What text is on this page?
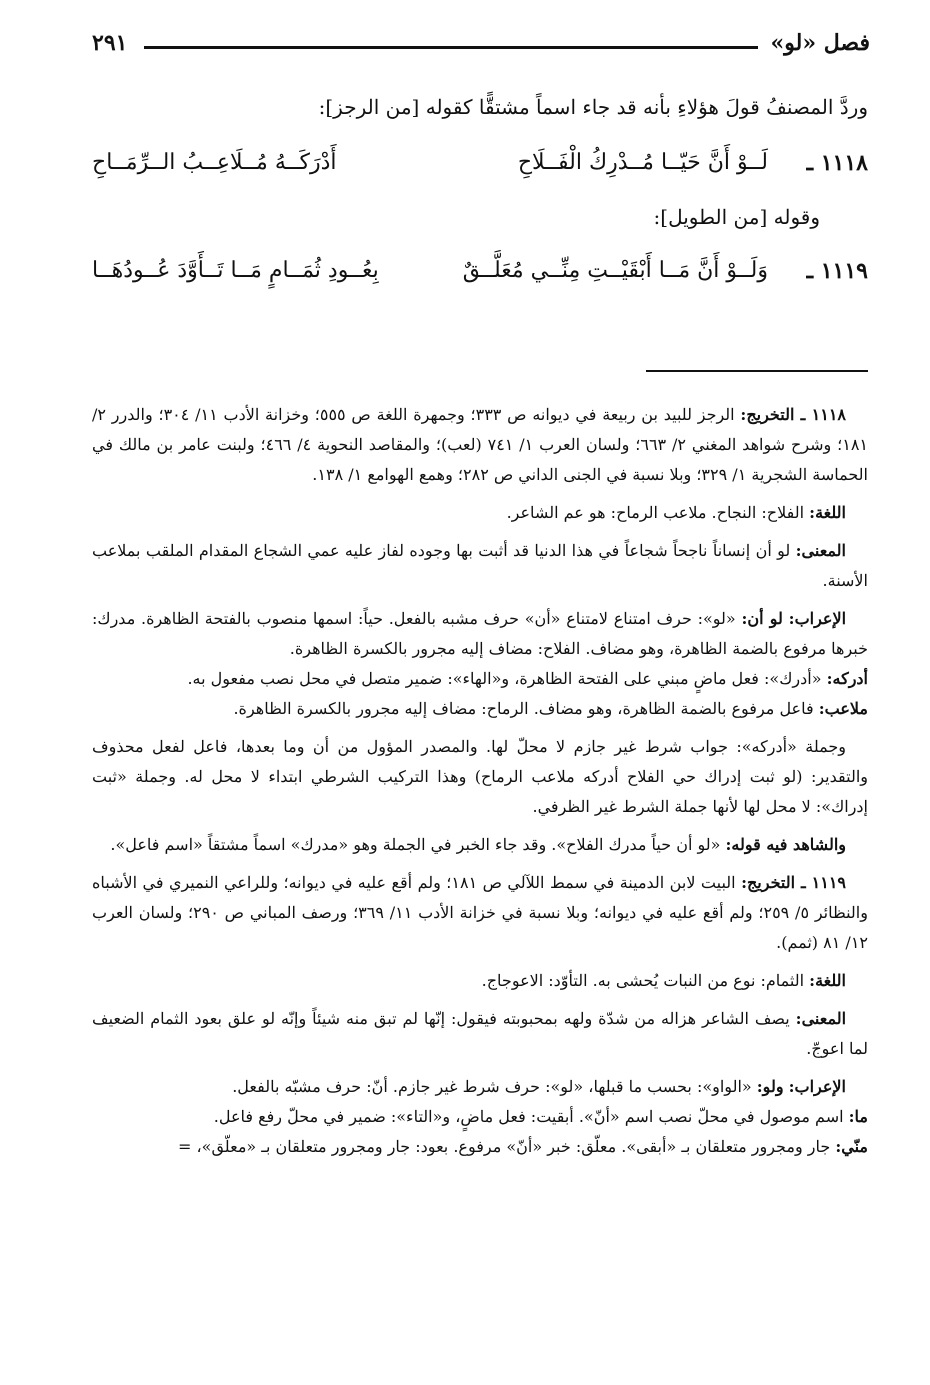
فصل «لو»
٢٩١
وردَّ المصنفُ قولَ هؤلاءِ بأنه قد جاء اسماً مشتقًّا كقوله [من الرجز]:
١١١٨ ـ
لَــوْ أَنَّ حَيّــا مُــدْرِكُ الْفَــلَاحِ
أَدْرَكَــهُ مُــلَاعِــبُ الــرِّمَــاحِ
وقوله [من الطويل]:
١١١٩ ـ
وَلَــوْ أَنَّ مَــا أَبْقَيْــتِ مِنِّــي مُعَلَّــقٌ
بِعُــودِ ثُمَــامٍ مَــا تَــأَوَّدَ عُــودُهَــا

١١١٨ ـ التخريج: الرجز للبيد بن ربيعة في ديوانه ص ٣٣٣؛ وجمهرة اللغة ص ٥٥٥؛ وخزانة الأدب ١١/ ٣٠٤؛ والدرر ٢/ ١٨١؛ وشرح شواهد المغني ٢/ ٦٦٣؛ ولسان العرب ١/ ٧٤١ (لعب)؛ والمقاصد النحوية ٤/ ٤٦٦؛ ولبنت عامر بن مالك في الحماسة الشجرية ١/ ٣٢٩؛ وبلا نسبة في الجنى الداني ص ٢٨٢؛ وهمع الهوامع ١/ ١٣٨.

اللغة: الفلاح: النجاح. ملاعب الرماح: هو عم الشاعر.

المعنى: لو أن إنساناً ناجحاً شجاعاً في هذا الدنيا قد أثبت بها وجوده لفاز عليه عمي الشجاع المقدام الملقب بملاعب الأسنة.

الإعراب: لو أن: «لو»: حرف امتناع لامتناع «أن» حرف مشبه بالفعل. حياً: اسمها منصوب بالفتحة الظاهرة. مدرك: خبرها مرفوع بالضمة الظاهرة، وهو مضاف. الفلاح: مضاف إليه مجرور بالكسرة الظاهرة.
أدركه: «أدرك»: فعل ماضٍ مبني على الفتحة الظاهرة، و«الهاء»: ضمير متصل في محل نصب مفعول به.
ملاعب: فاعل مرفوع بالضمة الظاهرة، وهو مضاف. الرماح: مضاف إليه مجرور بالكسرة الظاهرة.

وجملة «أدركه»: جواب شرط غير جازم لا محلّ لها. والمصدر المؤول من أن وما بعدها، فاعل لفعل محذوف والتقدير: (لو ثبت إدراك حي الفلاح أدركه ملاعب الرماح) وهذا التركيب الشرطي ابتداء لا محل له. وجملة «ثبت إدراك»: لا محل لها لأنها جملة الشرط غير الظرفي.

والشاهد فيه قوله: «لو أن حياً مدرك الفلاح». وقد جاء الخبر في الجملة وهو «مدرك» اسماً مشتقاً «اسم فاعل».

١١١٩ ـ التخريج: البيت لابن الدمينة في سمط اللآلي ص ١٨١؛ ولم أقع عليه في ديوانه؛ وللراعي النميري في الأشباه والنظائر ٥/ ٢٥٩؛ ولم أقع عليه في ديوانه؛ وبلا نسبة في خزانة الأدب ١١/ ٣٦٩؛ ورصف المباني ص ٢٩٠؛ ولسان العرب ١٢/ ٨١ (ثمم).

اللغة: الثمام: نوع من النبات يُحشى به. التأوّد: الاعوجاج.

المعنى: يصف الشاعر هزاله من شدّة ولهه بمحبوبته فيقول: إنّها لم تبق منه شيئاً وإنّه لو علق بعود الثمام الضعيف لما اعوجّ.

الإعراب: ولو: «الواو»: بحسب ما قبلها، «لو»: حرف شرط غير جازم. أنّ: حرف مشبّه بالفعل.
ما: اسم موصول في محلّ نصب اسم «أنّ». أبقيت: فعل ماضٍ، و«التاء»: ضمير في محلّ رفع فاعل.
منّي: جار ومجرور متعلقان بـ «أبقى». معلّق: خبر «أنّ» مرفوع. بعود: جار ومجرور متعلقان بـ «معلّق»، =
